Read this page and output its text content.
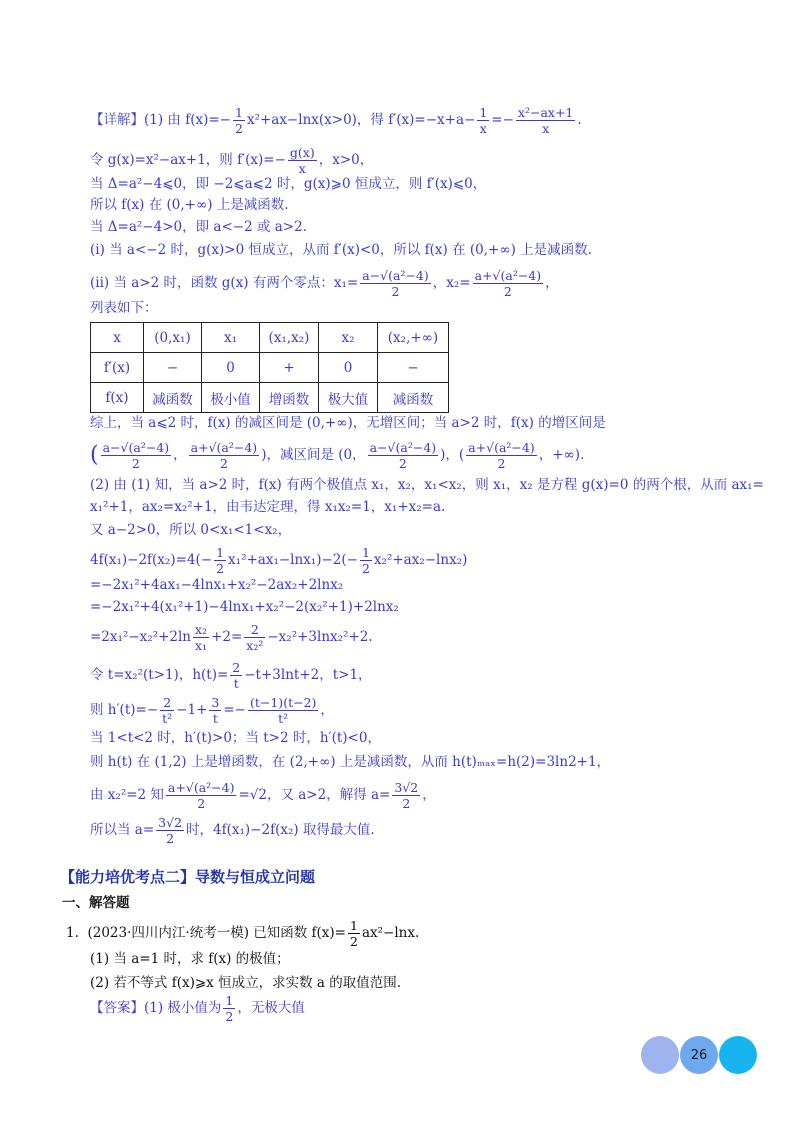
【详解】(1) 由 $f(x)=- \frac{1}{2} x^2+ax-\ln x(x>0)$，得 $f'(x)=-x+a- \frac{1}{x} =- \frac{\text{x²−ax+1}}{x}$ .
令 g(x)=x²−ax+1，则 $f'(x)=- \frac{g(x)}{x}$ ，x>0，
当 Δ=a²−4⩽0，即 −2⩽a⩽2 时，g(x)⩾0 恒成立，则 f′(x)⩽0，
所以 f(x) 在 (0,+∞) 上是减函数.
当 Δ=a²−4>0，即 a<−2 或 a>2.
(i) 当 a<−2 时，g(x)>0 恒成立，从而 f′(x)<0，所以 f(x) 在 (0,+∞) 上是减函数.
(ii) 当 a>2 时，函数 g(x) 有两个零点：$x_1= \frac{\text{a−√(a²−4)}}{2}$ ，$x_2= \frac{\text{a+√(a²−4)}}{2}$ ，
列表如下：
x	(0,x₁)	x₁	(x₁,x₂)	x₂	(x₂,+∞)
f′(x)	−	0	+	0	−
f(x)	减函数	极小值	增函数	极大值	减函数
综上，当 a⩽2 时，f(x) 的减区间是 (0,+∞)，无增区间；当 a>2 时，f(x) 的增区间是
( $\frac{\text{a−√(a²−4)}}{2}$ ， $\frac{\text{a+√(a²−4)}}{2}$ )，减区间是 (0， $\frac{\text{a−√(a²−4)}}{2}$ )，( $\frac{\text{a+√(a²−4)}}{2}$ ，+∞).
(2) 由 (1) 知，当 a>2 时，f(x) 有两个极值点 x₁，x₂，x₁<x₂，则 x₁，x₂ 是方程 g(x)=0 的两个根，从而 ax₁=
x₁²+1，ax₂=x₂²+1，由韦达定理，得 x₁x₂=1，x₁+x₂=a.
又 a−2>0，所以 0<x₁<1<x₂，
$4f(x_1)-2f(x_2)=4(- \frac{1}{2} x_1^2+ax_1-\ln x_1)-2(- \frac{1}{2} x_2^2+ax_2-\ln x_2)$
=−2x₁²+4ax₁−4lnx₁+x₂²−2ax₂+2lnx₂
=−2x₁²+4(x₁²+1)−4lnx₁+x₂²−2(x₂²+1)+2lnx₂
$=2x_1^2-x_2^2+2\ln \frac{\text{x₂}}{\text{x₁}} +2= \frac{2}{\text{x₂²}} -x_2^2+3\ln x_2^2+2$.
令 t=x₂²(t>1)，$h(t)= \frac{2}{t} -t+3\ln t+2$，t>1，
则 $h'(t)=- \frac{2}{\text{t²}} -1+ \frac{3}{t} =- \frac{(t-1)(t-2)}{\text{t²}}$ ，
当 1<t<2 时，h′(t)>0；当 t>2 时，h′(t)<0，
则 h(t) 在 (1,2) 上是增函数，在 (2,+∞) 上是减函数，从而 h(t)ₘₐₓ=h(2)=3ln2+1，
由 x₂²=2 知 $\frac{\text{a+√(a²−4)}}{2} =√2$，又 a>2，解得 $a= \frac{3√2}{2}$ ，
所以当 $a= \frac{3√2}{2}$ 时，4f(x₁)−2f(x₂) 取得最大值.
【能力培优考点二】导数与恒成立问题
一、解答题
1. (2023·四川内江·统考一模) 已知函数 $f(x)= \frac{1}{2} ax^2-\ln x$.
(1) 当 a=1 时，求 f(x) 的极值；
(2) 若不等式 f(x)⩾x 恒成立，求实数 a 的取值范围.
【答案】(1) 极小值为 $\frac{1}{2}$ ，无极大值
26
